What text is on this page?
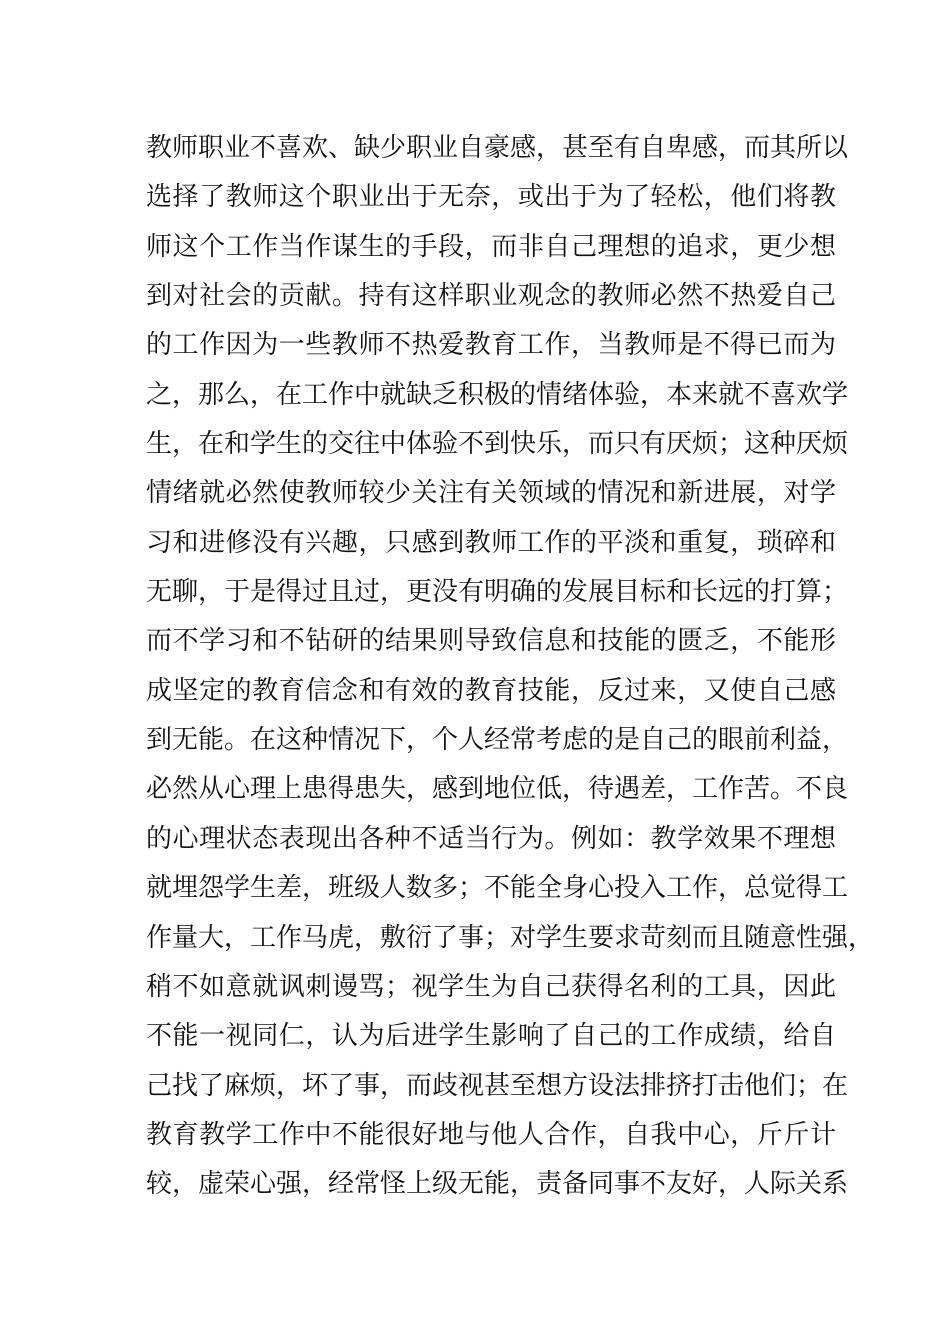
教师职业不喜欢、缺少职业自豪感，甚至有自卑感，而其所以
选择了教师这个职业出于无奈，或出于为了轻松，他们将教
师这个工作当作谋生的手段，而非自己理想的追求，更少想
到对社会的贡献。持有这样职业观念的教师必然不热爱自己
的工作因为一些教师不热爱教育工作，当教师是不得已而为
之，那么，在工作中就缺乏积极的情绪体验，本来就不喜欢学
生，在和学生的交往中体验不到快乐，而只有厌烦；这种厌烦
情绪就必然使教师较少关注有关领域的情况和新进展，对学
习和进修没有兴趣，只感到教师工作的平淡和重复，琐碎和
无聊，于是得过且过，更没有明确的发展目标和长远的打算；
而不学习和不钻研的结果则导致信息和技能的匮乏，不能形
成坚定的教育信念和有效的教育技能，反过来，又使自己感
到无能。在这种情况下，个人经常考虑的是自己的眼前利益，
必然从心理上患得患失，感到地位低，待遇差，工作苦。不良
的心理状态表现出各种不适当行为。例如：教学效果不理想
就埋怨学生差，班级人数多；不能全身心投入工作，总觉得工
作量大，工作马虎，敷衍了事；对学生要求苛刻而且随意性强，
稍不如意就讽刺谩骂；视学生为自己获得名利的工具，因此
不能一视同仁，认为后进学生影响了自己的工作成绩，给自
己找了麻烦，坏了事，而歧视甚至想方设法排挤打击他们；在
教育教学工作中不能很好地与他人合作，自我中心，斤斤计
较，虚荣心强，经常怪上级无能，责备同事不友好，人际关系
